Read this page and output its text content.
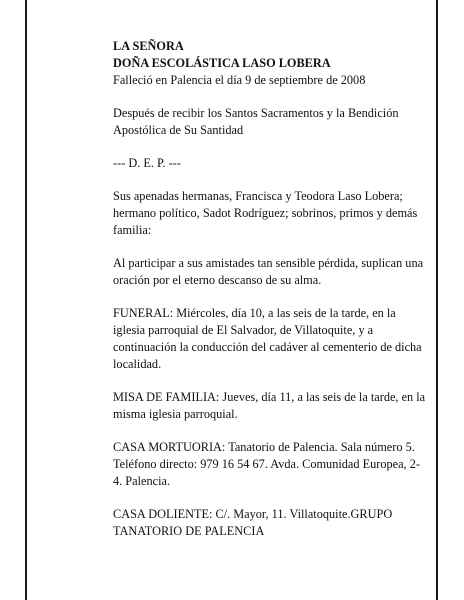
LA SEÑORA

DOÑA ESCOLÁSTICA LASO LOBERA

Falleció en Palencia el día 9 de septiembre de 2008

Después de recibir los Santos Sacramentos y la Bendición Apostólica de Su Santidad

--- D. E. P. ---

Sus apenadas hermanas, Francisca y Teodora Laso Lobera; hermano político, Sadot Rodríguez; sobrinos, primos y demás familia:

Al participar a sus amistades tan sensible pérdida, suplican una oración por el eterno descanso de su alma.

FUNERAL: Miércoles, día 10, a las seis de la tarde, en la iglesia parroquial de El Salvador, de Villatoquite, y a continuación la conducción del cadáver al cementerio de dicha localidad.

MISA DE FAMILIA: Jueves, día 11, a las seis de la tarde, en la misma iglesia parroquial.

CASA MORTUORIA: Tanatorio de Palencia. Sala número 5. Teléfono directo: 979 16 54 67. Avda. Comunidad Europea, 2-4. Palencia.

CASA DOLIENTE: C/. Mayor, 11. Villatoquite.GRUPO TANATORIO DE PALENCIA
